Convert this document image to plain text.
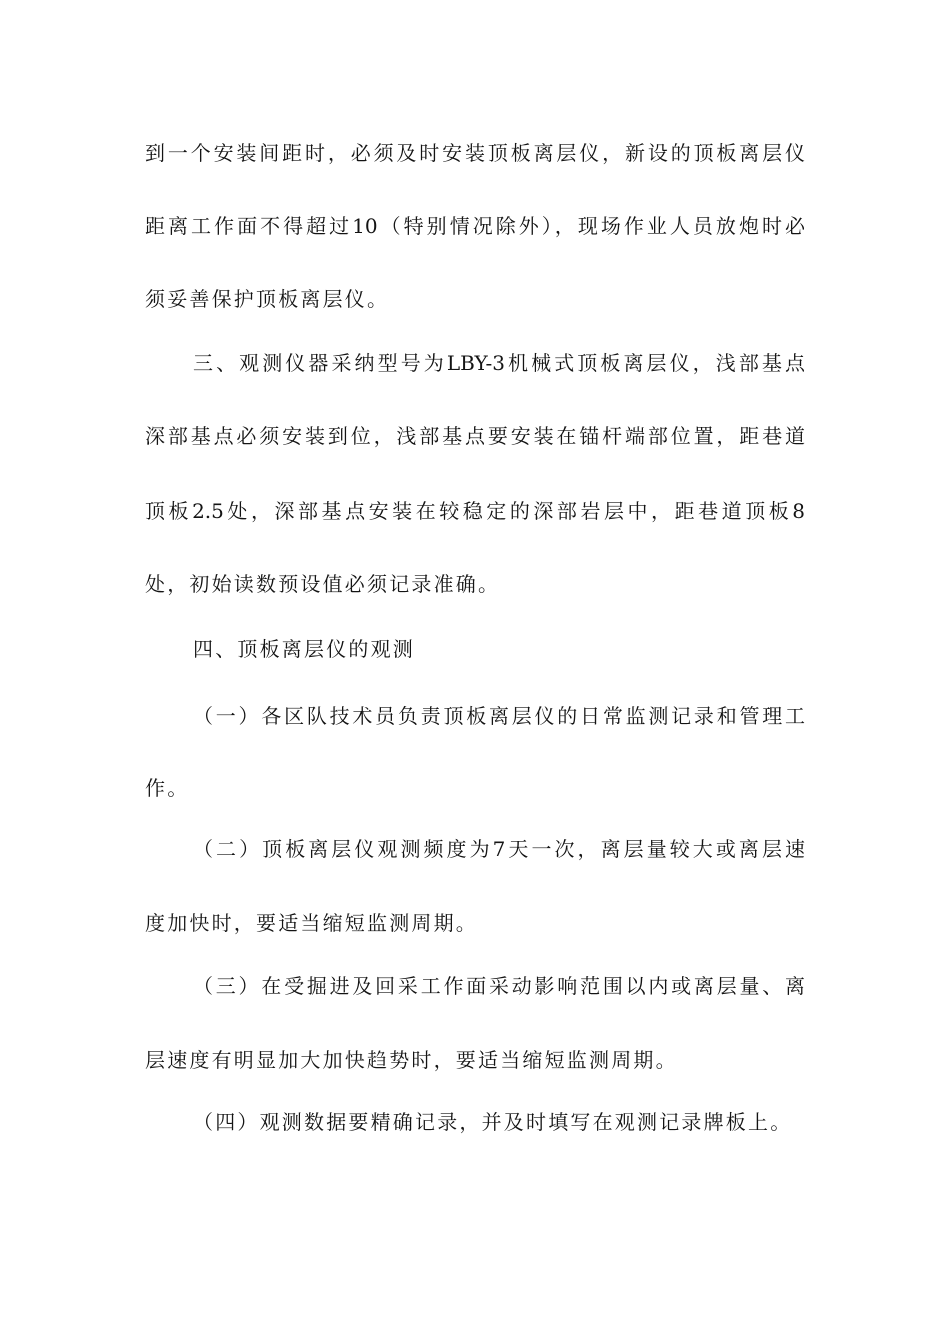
到一个安装间距时，必须及时安装顶板离层仪，新设的顶板离层仪
距离工作面不得超过10（特别情况除外），现场作业人员放炮时必
须妥善保护顶板离层仪。
三、观测仪器采纳型号为LBY-3机械式顶板离层仪，浅部基点
深部基点必须安装到位，浅部基点要安装在锚杆端部位置，距巷道
顶板2.5处，深部基点安装在较稳定的深部岩层中，距巷道顶板8
处，初始读数预设值必须记录准确。
四、顶板离层仪的观测
（一）各区队技术员负责顶板离层仪的日常监测记录和管理工
作。
（二）顶板离层仪观测频度为7天一次，离层量较大或离层速
度加快时，要适当缩短监测周期。
（三）在受掘进及回采工作面采动影响范围以内或离层量、离
层速度有明显加大加快趋势时，要适当缩短监测周期。
（四）观测数据要精确记录，并及时填写在观测记录牌板上。
